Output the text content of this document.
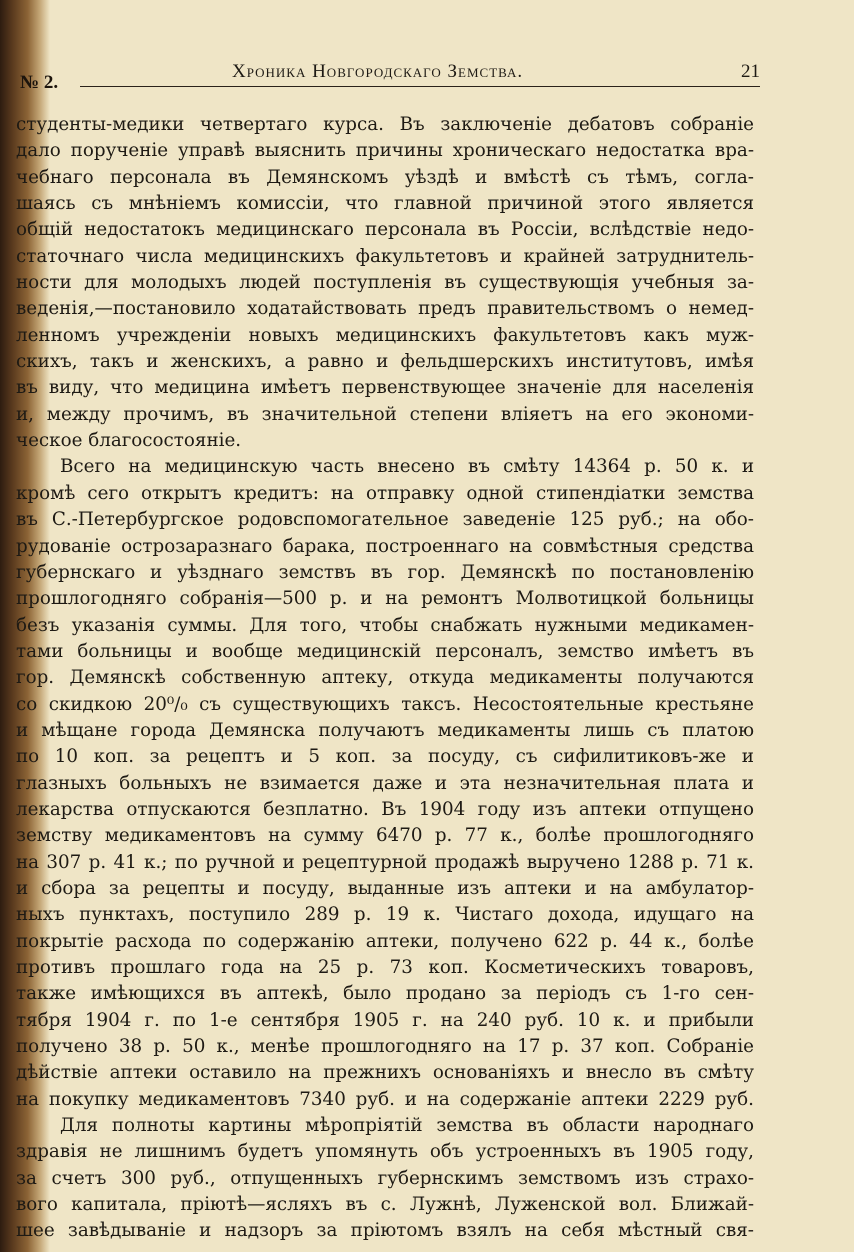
№ 2.
Хроника Новгородскаго Земства.	21
студенты-медики четвертаго курса. Въ заключеніе дебатовъ собраніе
дало порученіе управѣ выяснить причины хроническаго недостатка вра-
чебнаго персонала въ Демянскомъ уѣздѣ и вмѣстѣ съ тѣмъ, согла-
шаясь съ мнѣніемъ комиссіи, что главной причиной этого является
общій недостатокъ медицинскаго персонала въ Россіи, вслѣдствіе недо-
статочнаго числа медицинскихъ факультетовъ и крайней затруднитель-
ности для молодыхъ людей поступленія въ существующія учебныя за-
веденія,—постановило ходатайствовать предъ правительствомъ о немед-
ленномъ учрежденіи новыхъ медицинскихъ факультетовъ какъ муж-
скихъ, такъ и женскихъ, а равно и фельдшерскихъ институтовъ, имѣя
въ виду, что медицина имѣетъ первенствующее значеніе для населенія
и, между прочимъ, въ значительной степени вліяетъ на его экономи-
ческое благосостояніе.
Всего на медицинскую часть внесено въ смѣту 14364 р. 50 к. и
кромѣ сего открытъ кредитъ: на отправку одной стипендіатки земства
въ С.-Петербургское родовспомогательное заведеніе 125 руб.; на обо-
рудованіе острозаразнаго барака, построеннаго на совмѣстныя средства
губернскаго и уѣзднаго земствъ въ гор. Демянскѣ по постановленію
прошлогодняго собранія—500 р. и на ремонтъ Молвотицкой больницы
безъ указанія суммы. Для того, чтобы снабжать нужными медикамен-
тами больницы и вообще медицинскій персоналъ, земство имѣетъ въ
гор. Демянскѣ собственную аптеку, откуда медикаменты получаются
со скидкою 20⁰/₀ съ существующихъ таксъ. Несостоятельные крестьяне
и мѣщане города Демянска получаютъ медикаменты лишь съ платою
по 10 коп. за рецептъ и 5 коп. за посуду, съ сифилитиковъ-же и
глазныхъ больныхъ не взимается даже и эта незначительная плата и
лекарства отпускаются безплатно. Въ 1904 году изъ аптеки отпущено
земству медикаментовъ на сумму 6470 р. 77 к., болѣе прошлогодняго
на 307 р. 41 к.; по ручной и рецептурной продажѣ выручено 1288 р. 71 к.
и сбора за рецепты и посуду, выданные изъ аптеки и на амбулатор-
ныхъ пунктахъ, поступило 289 р. 19 к. Чистаго дохода, идущаго на
покрытіе расхода по содержанію аптеки, получено 622 р. 44 к., болѣе
противъ прошлаго года на 25 р. 73 коп. Косметическихъ товаровъ,
также имѣющихся въ аптекѣ, было продано за періодъ съ 1-го сен-
тября 1904 г. по 1-е сентября 1905 г. на 240 руб. 10 к. и прибыли
получено 38 р. 50 к., менѣе прошлогодняго на 17 р. 37 коп. Собраніе
дѣйствіе аптеки оставило на прежнихъ основаніяхъ и внесло въ смѣту
на покупку медикаментовъ 7340 руб. и на содержаніе аптеки 2229 руб.
Для полноты картины мѣропріятій земства въ области народнаго
здравія не лишнимъ будетъ упомянуть объ устроенныхъ въ 1905 году,
за счетъ 300 руб., отпущенныхъ губернскимъ земствомъ изъ страхо-
вого капитала, пріютѣ—ясляхъ въ с. Лужнѣ, Луженской вол. Ближай-
шее завѣдываніе и надзоръ за пріютомъ взялъ на себя мѣстный свя-
